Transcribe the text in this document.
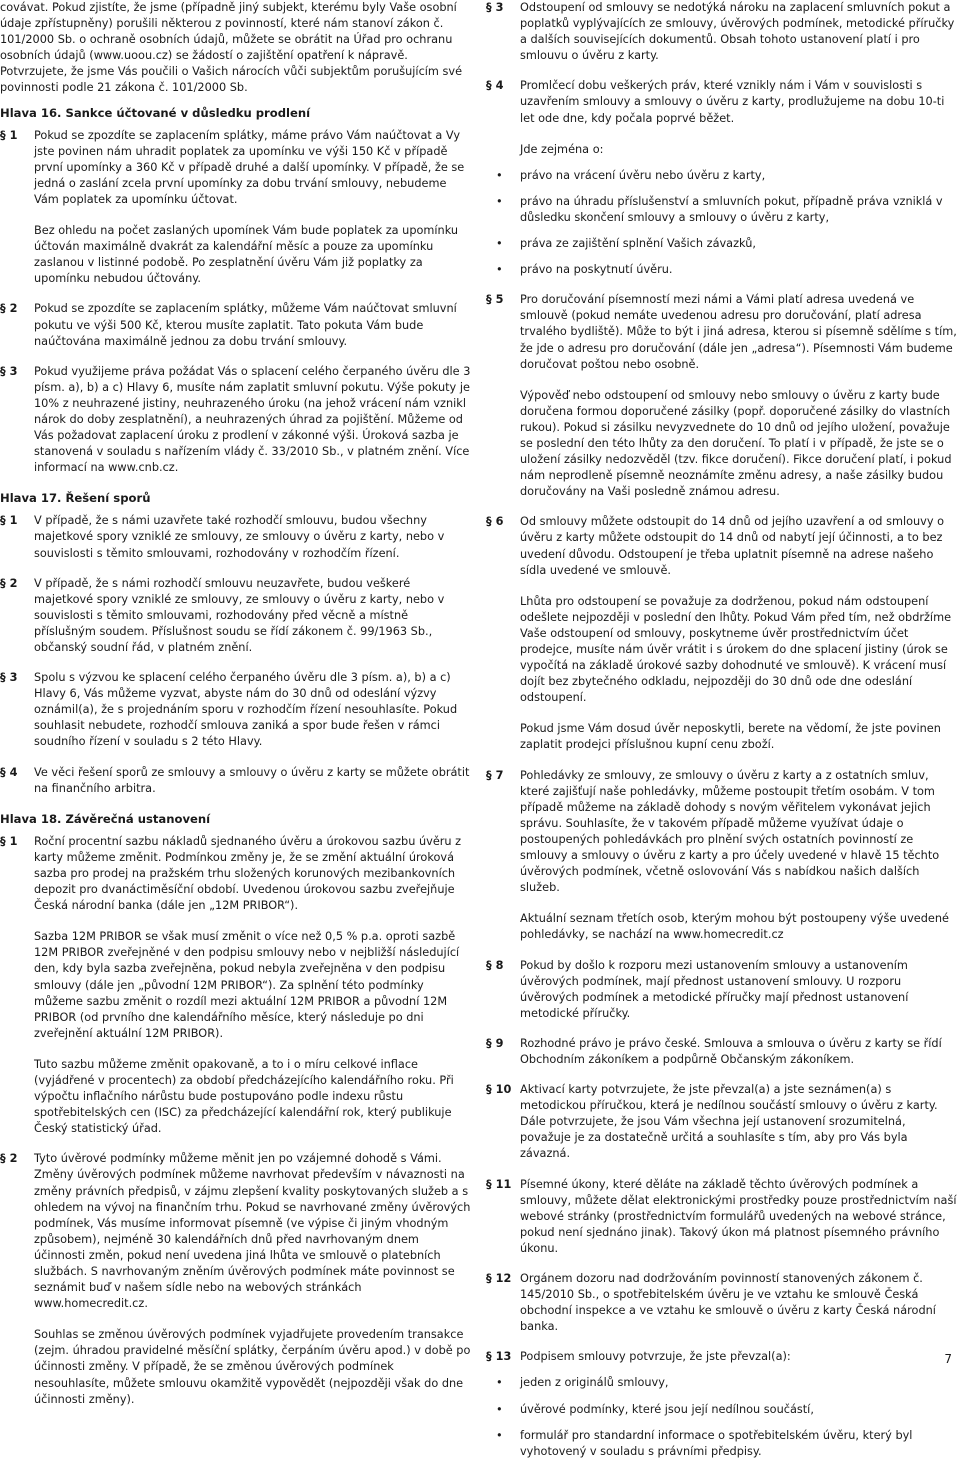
covávat. Pokud zjistíte, že jsme (případně jiný subjekt, kterému byly Vaše osobní údaje zpřístupněny) porušili některou z povinností, které nám stanoví zákon č. 101/2000 Sb. o ochraně osobních údajů, můžete se obrátit na Úřad pro ochranu osobních údajů (www.uoou.cz) se žádostí o zajištění opatření k nápravě. Potvrzujete, že jsme Vás poučili o Vašich nárocích vůči subjektům porušujícím své povinnosti podle 21 zákona č. 101/2000 Sb.

Hlava 16. Sankce účtované v důsledku prodlení
§ 1	Pokud se zpozdíte se zaplacením splátky, máme právo Vám naúčtovat a Vy jste povinen nám uhradit poplatek za upomínku ve výši 150 Kč v případě první upomínky a 360 Kč v případě druhé a další upomínky. V případě, že se jedná o zaslání zcela první upomínky za dobu trvání smlouvy, nebudeme Vám poplatek za upomínku účtovat.

Bez ohledu na počet zaslaných upomínek Vám bude poplatek za upomínku účtován maximálně dvakrát za kalendářní měsíc a pouze za upomínku zaslanou v listinné podobě. Po zesplatnění úvěru Vám již poplatky za upomínku nebudou účtovány.

§ 2	Pokud se zpozdíte se zaplacením splátky, můžeme Vám naúčtovat smluvní pokutu ve výši 500 Kč, kterou musíte zaplatit. Tato pokuta Vám bude naúčtována maximálně jednou za dobu trvání smlouvy.

§ 3	Pokud využijeme práva požádat Vás o splacení celého čerpaného úvěru dle 3 písm. a), b) a c) Hlavy 6, musíte nám zaplatit smluvní pokutu. Výše pokuty je 10% z neuhrazené jistiny, neuhrazeného úroku (na jehož vrácení nám vznikl nárok do doby zesplatnění), a neuhrazených úhrad za pojištění. Můžeme od Vás požadovat zaplacení úroku z prodlení v zákonné výši. Úroková sazba je stanovená v souladu s nařízením vlády č. 33/2010 Sb., v platném znění. Více informací na www.cnb.cz.

Hlava 17. Řešení sporů
§ 1	V případě, že s námi uzavřete také rozhodčí smlouvu, budou všechny majetkové spory vzniklé ze smlouvy, ze smlouvy o úvěru z karty, nebo v souvislosti s těmito smlouvami, rozhodovány v rozhodčím řízení.

§ 2	V případě, že s námi rozhodčí smlouvu neuzavřete, budou veškeré majetkové spory vzniklé ze smlouvy, ze smlouvy o úvěru z karty, nebo v souvislosti s těmito smlouvami, rozhodovány před věcně a místně příslušným soudem. Příslušnost soudu se řídí zákonem č. 99/1963 Sb., občanský soudní řád, v platném znění.

§ 3	Spolu s výzvou ke splacení celého čerpaného úvěru dle 3 písm. a), b) a c) Hlavy 6, Vás můžeme vyzvat, abyste nám do 30 dnů od odeslání výzvy oznámil(a), že s projednáním sporu v rozhodčím řízení nesouhlasíte. Pokud souhlasit nebudete, rozhodčí smlouva zaniká a spor bude řešen v rámci soudního řízení v souladu s 2 této Hlavy.

§ 4	Ve věci řešení sporů ze smlouvy a smlouvy o úvěru z karty se můžete obrátit na finančního arbitra.

Hlava 18. Závěrečná ustanovení
§ 1	Roční procentní sazbu nákladů sjednaného úvěru a úrokovou sazbu úvěru z karty můžeme změnit. Podmínkou změny je, že se změní aktuální úroková sazba pro prodej na pražském trhu složených korunových mezibankovních depozit pro dvanáctiměsíční období. Uvedenou úrokovou sazbu zveřejňuje Česká národní banka (dále jen „12M PRIBOR“).

Sazba 12M PRIBOR se však musí změnit o více než 0,5 % p.a. oproti sazbě 12M PRIBOR zveřejněné v den podpisu smlouvy nebo v nejbližší následující den, kdy byla sazba zveřejněna, pokud nebyla zveřejněna v den podpisu smlouvy (dále jen „původní 12M PRIBOR“). Za splnění této podmínky můžeme sazbu změnit o rozdíl mezi aktuální 12M PRIBOR a původní 12M PRIBOR (od prvního dne kalendářního měsíce, který následuje po dni zveřejnění aktuální 12M PRIBOR).

Tuto sazbu můžeme změnit opakovaně, a to i o míru celkové inflace (vyjádřené v procentech) za období předcházejícího kalendářního roku. Při výpočtu inflačního nárůstu bude postupováno podle indexu růstu spotřebitelských cen (ISC) za předcházející kalendářní rok, který publikuje Český statistický úřad.

§ 2	Tyto úvěrové podmínky můžeme měnit jen po vzájemné dohodě s Vámi. Změny úvěrových podmínek můžeme navrhovat především v návaznosti na změny právních předpisů, v zájmu zlepšení kvality poskytovaných služeb a s ohledem na vývoj na finančním trhu. Pokud se navrhované změny úvěrových podmínek, Vás musíme informovat písemně (ve výpise či jiným vhodným způsobem), nejméně 30 kalendářních dnů před navrhovaným dnem účinnosti změn, pokud není uvedena jiná lhůta ve smlouvě o platebních službách. S navrhovaným zněním úvěrových podmínek máte povinnost se seznámit buď v našem sídle nebo na webových stránkách www.homecredit.cz.

Souhlas se změnou úvěrových podmínek vyjadřujete provedením transakce (zejm. úhradou pravidelné měsíční splátky, čerpáním úvěru apod.) v době po účinnosti změny. V případě, že se změnou úvěrových podmínek nesouhlasíte, můžete smlouvu okamžitě vypovědět (nejpozději však do dne účinnosti změny).

§ 3	Odstoupení od smlouvy se nedotýká nároku na zaplacení smluvních pokut a poplatků vyplývajících ze smlouvy, úvěrových podmínek, metodické příručky a dalších souvisejících dokumentů. Obsah tohoto ustanovení platí i pro smlouvu o úvěru z karty.

§ 4	Promlčecí dobu veškerých práv, které vznikly nám i Vám v souvislosti s uzavřením smlouvy a smlouvy o úvěru z karty, prodlužujeme na dobu 10-ti let ode dne, kdy počala poprvé běžet.

Jde zejména o:

• právo na vrácení úvěru nebo úvěru z karty,
• právo na úhradu příslušenství a smluvních pokut, případně práva vzniklá v důsledku skončení smlouvy a smlouvy o úvěru z karty,
• práva ze zajištění splnění Vašich závazků,
• právo na poskytnutí úvěru.
§ 5	Pro doručování písemností mezi námi a Vámi platí adresa uvedená ve smlouvě (pokud nemáte uvedenou adresu pro doručování, platí adresa trvalého bydliště). Může to být i jiná adresa, kterou si písemně sdělíme s tím, že jde o adresu pro doručování (dále jen „adresa“). Písemnosti Vám budeme doručovat poštou nebo osobně.

Výpověď nebo odstoupení od smlouvy nebo smlouvy o úvěru z karty bude doručena formou doporučené zásilky (popř. doporučené zásilky do vlastních rukou). Pokud si zásilku nevyzvednete do 10 dnů od jejího uložení, považuje se poslední den této lhůty za den doručení. To platí i v případě, že jste se o uložení zásilky nedozvěděl (tzv. fikce doručení). Fikce doručení platí, i pokud nám neprodleně písemně neoznámíte změnu adresy, a naše zásilky budou doručovány na Vaši posledně známou adresu.

§ 6	Od smlouvy můžete odstoupit do 14 dnů od jejího uzavření a od smlouvy o úvěru z karty můžete odstoupit do 14 dnů od nabytí její účinnosti, a to bez uvedení důvodu. Odstoupení je třeba uplatnit písemně na adrese našeho sídla uvedené ve smlouvě.

Lhůta pro odstoupení se považuje za dodrženou, pokud nám odstoupení odešlete nejpozději v poslední den lhůty. Pokud Vám před tím, než obdržíme Vaše odstoupení od smlouvy, poskytneme úvěr prostřednictvím účet prodejce, musíte nám úvěr vrátit i s úrokem do dne splacení jistiny (úrok se vypočítá na základě úrokové sazby dohodnuté ve smlouvě). K vrácení musí dojít bez zbytečného odkladu, nejpozději do 30 dnů ode dne odeslání odstoupení.

Pokud jsme Vám dosud úvěr neposkytli, berete na vědomí, že jste povinen zaplatit prodejci příslušnou kupní cenu zboží.

§ 7	Pohledávky ze smlouvy, ze smlouvy o úvěru z karty a z ostatních smluv, které zajišťují naše pohledávky, můžeme postoupit třetím osobám. V tom případě můžeme na základě dohody s novým věřitelem vykonávat jejich správu. Souhlasíte, že v takovém případě můžeme využívat údaje o postoupených pohledávkách pro plnění svých ostatních povinností ze smlouvy a smlouvy o úvěru z karty a pro účely uvedené v hlavě 15 těchto úvěrových podmínek, včetně oslovování Vás s nabídkou našich dalších služeb.

Aktuální seznam třetích osob, kterým mohou být postoupeny výše uvedené pohledávky, se nachází na www.homecredit.cz

§ 8	Pokud by došlo k rozporu mezi ustanovením smlouvy a ustanovením úvěrových podmínek, mají přednost ustanovení smlouvy. U rozporu úvěrových podmínek a metodické příručky mají přednost ustanovení metodické příručky.

§ 9	Rozhodné právo je právo české. Smlouva a smlouva o úvěru z karty se řídí Obchodním zákoníkem a podpůrně Občanským zákoníkem.

§ 10 Aktivací karty potvrzujete, že jste převzal(a) a jste seznámen(a) s metodickou příručkou, která je nedílnou součástí smlouvy o úvěru z karty. Dále potvrzujete, že jsou Vám všechna její ustanovení srozumitelná, považuje je za dostatečně určitá a souhlasíte s tím, aby pro Vás byla závazná.

§ 11 Písemné úkony, které děláte na základě těchto úvěrových podmínek a smlouvy, můžete dělat elektronickými prostředky pouze prostřednictvím naší webové stránky (prostřednictvím formulářů uvedených na webové stránce, pokud není sjednáno jinak). Takový úkon má platnost písemného právního úkonu.

§ 12 Orgánem dozoru nad dodržováním povinností stanovených zákonem č. 145/2010 Sb., o spotřebitelském úvěru je ve vztahu ke smlouvě Česká obchodní inspekce a ve vztahu ke smlouvě o úvěru z karty Česká národní banka.

§ 13 Podpisem smlouvy potvrzuje, že jste převzal(a):

• jeden z originálů smlouvy,
• úvěrové podmínky, které jsou její nedílnou součástí,
• formulář pro standardní informace o spotřebitelském úvěru, který byl vyhotovený v souladu s právními předpisy.
7
